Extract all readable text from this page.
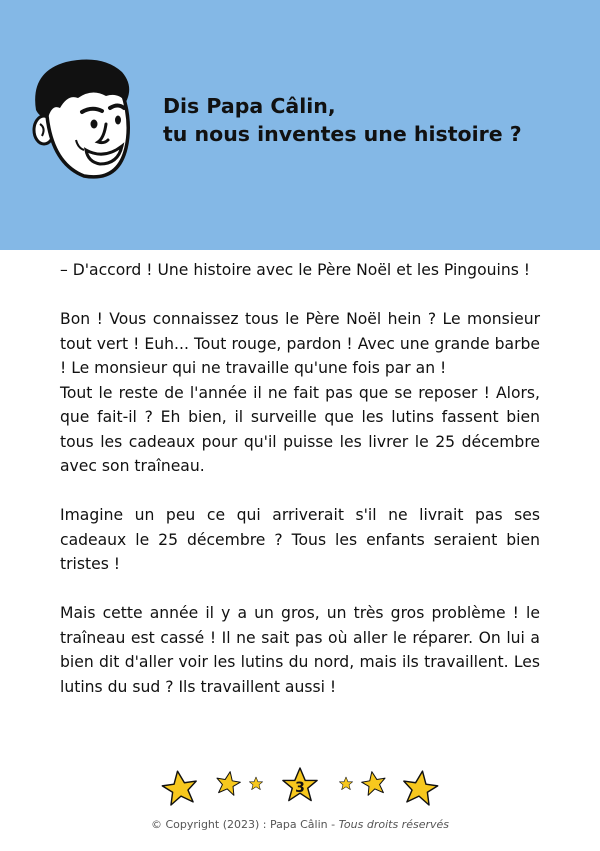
Dis Papa Câlin,
tu nous inventes une histoire ?

– D'accord ! Une histoire avec le Père Noël et les Pingouins !

Bon ! Vous connaissez tous le Père Noël hein ? Le monsieur tout vert ! Euh... Tout rouge, pardon ! Avec une grande barbe ! Le monsieur qui ne travaille qu'une fois par an !

Tout le reste de l'année il ne fait pas que se reposer ! Alors, que fait-il ? Eh bien, il surveille que les lutins fassent bien tous les cadeaux pour qu'il puisse les livrer le 25 décembre avec son traîneau.

Imagine un peu ce qui arriverait s'il ne livrait pas ses cadeaux le 25 décembre ? Tous les enfants seraient bien tristes !

Mais cette année il y a un gros, un très gros problème ! le traîneau est cassé ! Il ne sait pas où aller le réparer. On lui a bien dit d'aller voir les lutins du nord, mais ils travaillent. Les lutins du sud ? Ils travaillent aussi !

3
© Copyright (2023) : Papa Câlin - Tous droits réservés
